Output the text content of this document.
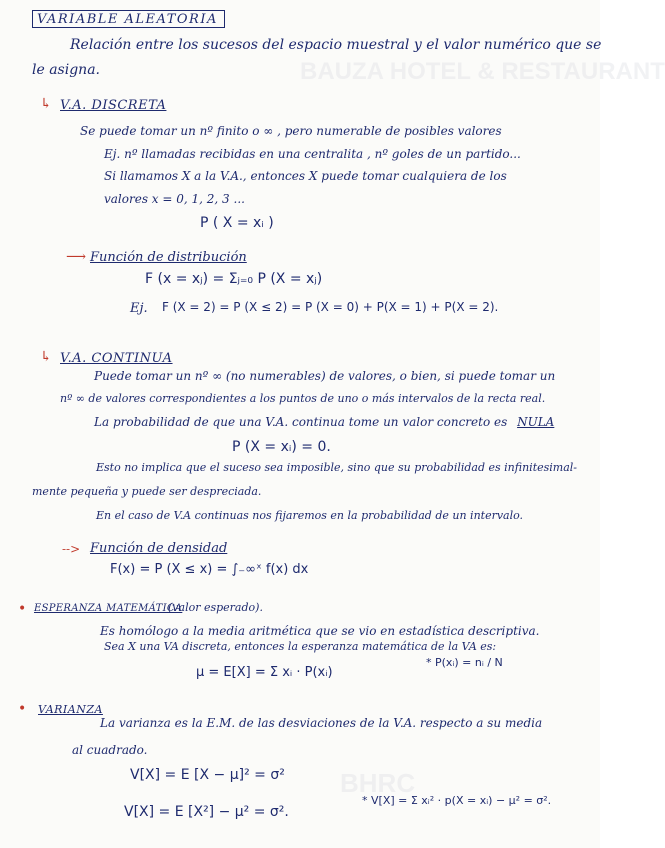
BAUZA HOTEL & RESTAURANT
BHRC
VARIABLE ALEATORIA
Relación entre los sucesos del espacio muestral y el valor numérico que se
le asigna.
↳ V.A. DISCRETA
Se puede tomar un nº finito o ∞ , pero numerable de posibles valores
Ej. nº llamadas recibidas en una centralita , nº goles de un partido...
Si llamamos X a la V.A., entonces X puede tomar cualquiera de los
valores x = 0, 1, 2, 3 ...
P ( X = xᵢ )
⟶ Función de distribución
F (x = xⱼ) = Σⱼ₌₀ P (X = xⱼ)
Ej. F (X = 2) = P (X ≤ 2) = P (X = 0) + P(X = 1) + P(X = 2).
↳ V.A. CONTINUA
Puede tomar un nº ∞ (no numerables) de valores, o bien, si puede tomar un
nº ∞ de valores correspondientes a los puntos de uno o más intervalos de la recta real.
La probabilidad de que una V.A. continua tome un valor concreto es NULA
P (X = xᵢ) = 0.
Esto no implica que el suceso sea imposible, sino que su probabilidad es infinitesimal-
mente pequeña y puede ser despreciada.
En el caso de V.A continuas nos fijaremos en la probabilidad de un intervalo.
--> Función de densidad
F(x) = P (X ≤ x) = ∫₋∞ˣ f(x) dx
• ESPERANZA MATEMÁTICA
(valor esperado).
Es homólogo a la media aritmética que se vio en estadística descriptiva.
Sea X una VA discreta, entonces la esperanza matemática de la VA es:
μ = E[X] = Σ xᵢ · P(xᵢ)
* P(xᵢ) = nᵢ / N
• VARIANZA
La varianza es la E.M. de las desviaciones de la V.A. respecto a su media
al cuadrado.
V[X] = E [X − μ]² = σ²
V[X] = E [X²] − μ² = σ².
* V[X] = Σ xᵢ² · p(X = xᵢ) − μ² = σ².
